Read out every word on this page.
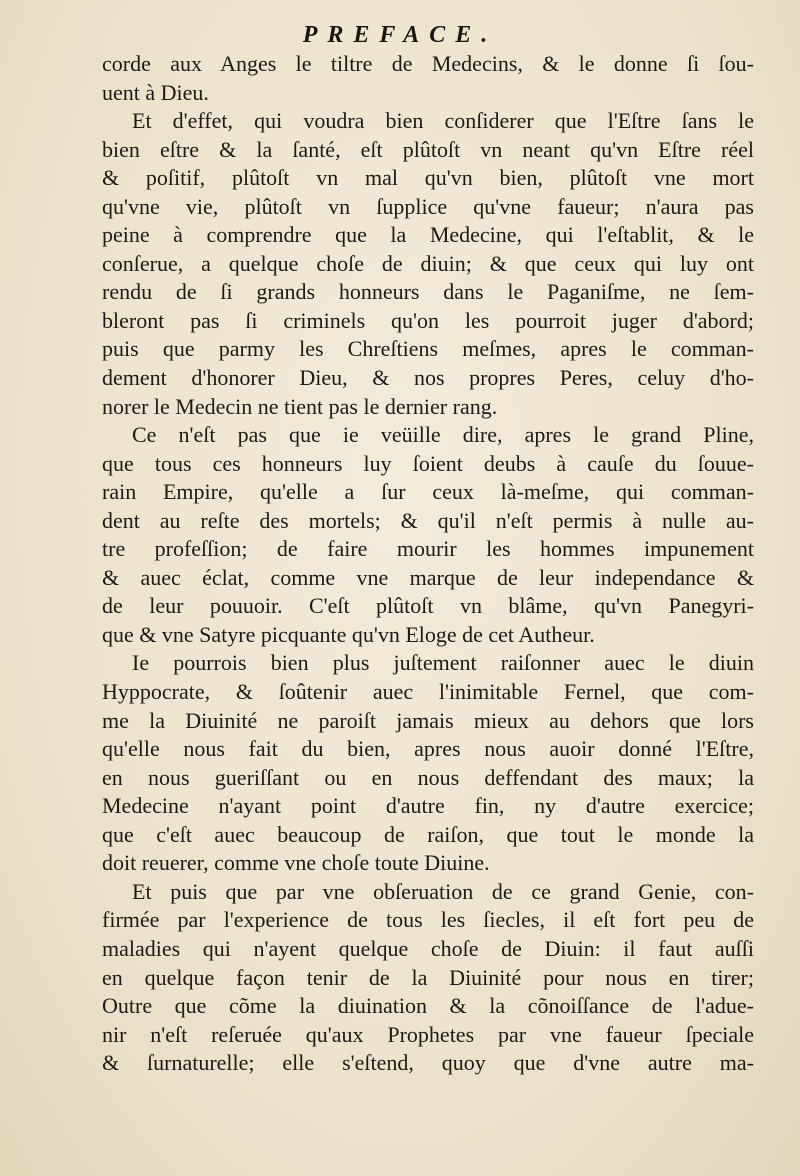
PREFACE.
corde aux Anges le tiltre de Medecins, & le donne ſi ſou-
uent à Dieu.
Et d'effet, qui voudra bien conſiderer que l'Eſtre ſans le
bien eſtre & la ſanté, eſt plûtoſt vn neant qu'vn Eſtre réel
& poſitif, plûtoſt vn mal qu'vn bien, plûtoſt vne mort
qu'vne vie, plûtoſt vn ſupplice qu'vne faueur; n'aura pas
peine à comprendre que la Medecine, qui l'eſtablit, & le
conſerue, a quelque choſe de diuin; & que ceux qui luy ont
rendu de ſi grands honneurs dans le Paganiſme, ne ſem-
bleront pas ſi criminels qu'on les pourroit juger d'abord;
puis que parmy les Chreſtiens meſmes, apres le comman-
dement d'honorer Dieu, & nos propres Peres, celuy d'ho-
norer le Medecin ne tient pas le dernier rang.
Ce n'eſt pas que ie veüille dire, apres le grand Pline,
que tous ces honneurs luy ſoient deubs à cauſe du ſouue-
rain Empire, qu'elle a ſur ceux là-meſme, qui comman-
dent au reſte des mortels; & qu'il n'eſt permis à nulle au-
tre profeſſion; de faire mourir les hommes impunement
& auec éclat, comme vne marque de leur independance &
de leur pouuoir. C'eſt plûtoſt vn blâme, qu'vn Panegyri-
que & vne Satyre picquante qu'vn Eloge de cet Autheur.
Ie pourrois bien plus juſtement raiſonner auec le diuin
Hyppocrate, & ſoûtenir auec l'inimitable Fernel, que com-
me la Diuinité ne paroiſt jamais mieux au dehors que lors
qu'elle nous fait du bien, apres nous auoir donné l'Eſtre,
en nous gueriſſant ou en nous deffendant des maux; la
Medecine n'ayant point d'autre fin, ny d'autre exercice;
que c'eſt auec beaucoup de raiſon, que tout le monde la
doit reuerer, comme vne choſe toute Diuine.
Et puis que par vne obſeruation de ce grand Genie, con-
firmée par l'experience de tous les ſiecles, il eſt fort peu de
maladies qui n'ayent quelque choſe de Diuin: il faut auſſi
en quelque façon tenir de la Diuinité pour nous en tirer;
Outre que cõme la diuination & la cõnoiſſance de l'adue-
nir n'eſt reſeruée qu'aux Prophetes par vne faueur ſpeciale
& ſurnaturelle; elle s'eſtend, quoy que d'vne autre ma-
